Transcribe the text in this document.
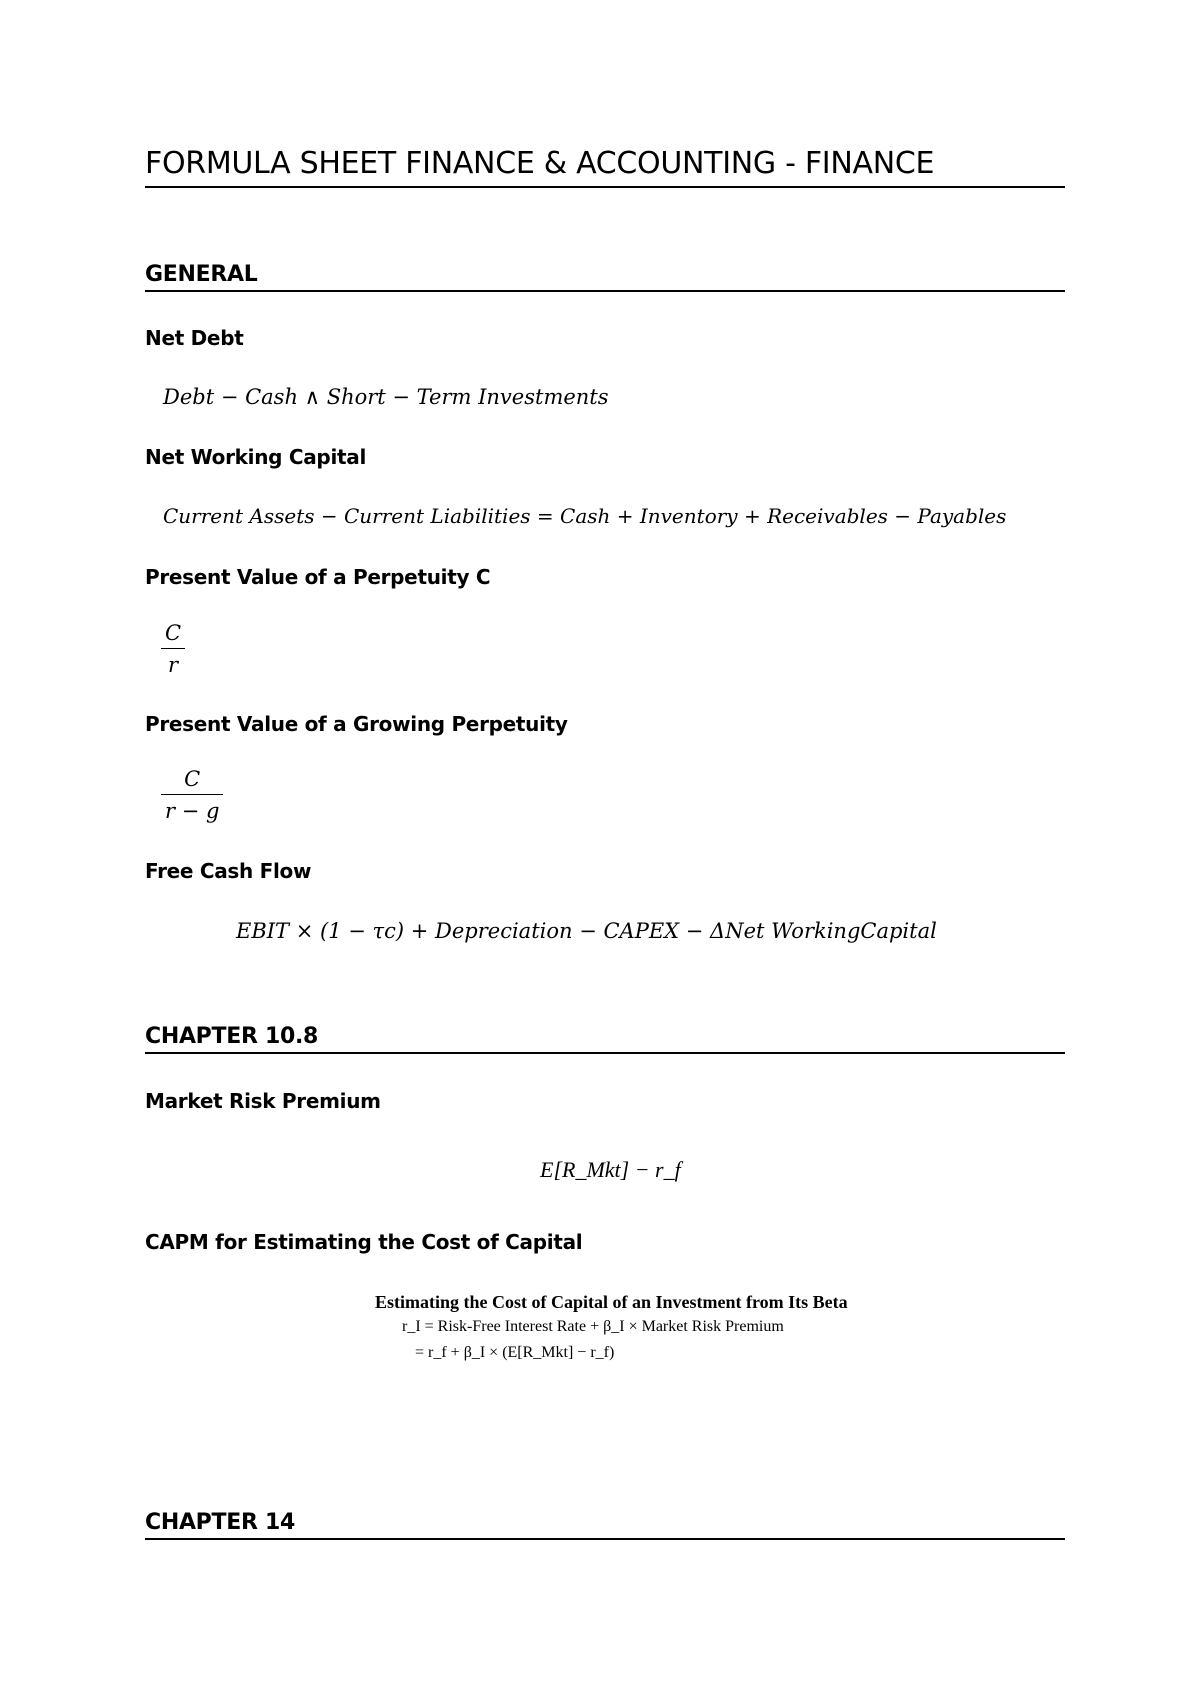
FORMULA SHEET FINANCE & ACCOUNTING - FINANCE
GENERAL
Net Debt
Debt − Cash ∧ Short − Term Investments
Net Working Capital
Current Assets − Current Liabilities = Cash + Inventory + Receivables − Payables
Present Value of a Perpetuity C
C
r
Present Value of a Growing Perpetuity
C
r − g
Free Cash Flow
EBIT × (1 − τc) + Depreciation − CAPEX − ΔNet WorkingCapital
CHAPTER 10.8
Market Risk Premium
E[R_Mkt] − r_f
CAPM for Estimating the Cost of Capital
Estimating the Cost of Capital of an Investment from Its Beta
r_I = Risk-Free Interest Rate + β_I × Market Risk Premium
= r_f + β_I × (E[R_Mkt] − r_f)
CHAPTER 14
